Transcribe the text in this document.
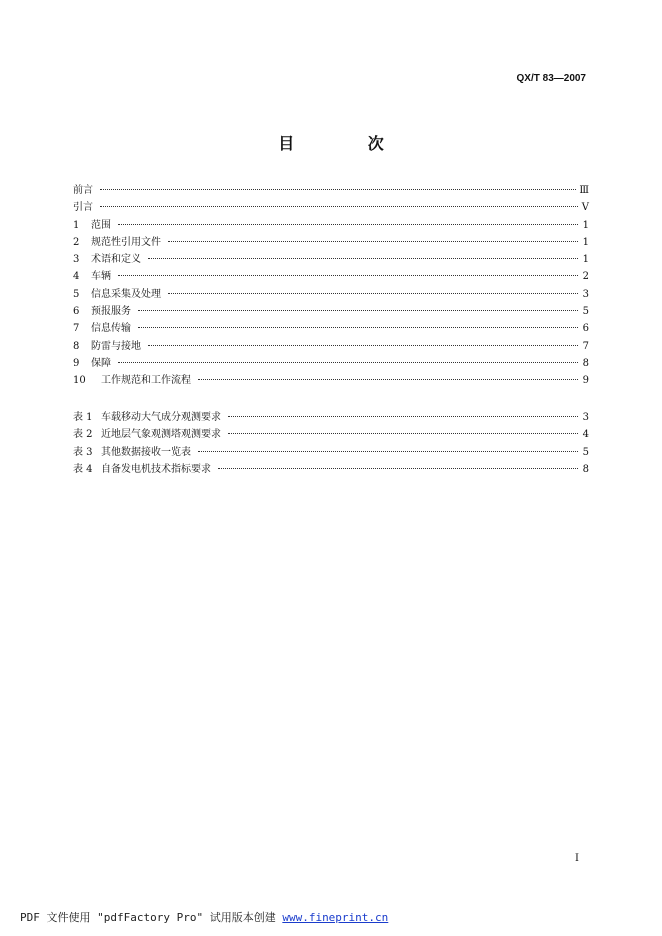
QX/T 83—2007
目 次
前言	Ⅲ
引言	Ⅴ
1	范围	1
2	规范性引用文件	1
3	术语和定义	1
4	车辆	2
5	信息采集及处理	3
6	预报服务	5
7	信息传输	6
8	防雷与接地	7
9	保障	8
10	工作规范和工作流程	9
表 1 车载移动大气成分观测要求	3
表 2 近地层气象观测塔观测要求	4
表 3 其他数据接收一览表	5
表 4 自备发电机技术指标要求	8
I
PDF 文件使用 "pdfFactory Pro" 试用版本创建 www.fineprint.cn
